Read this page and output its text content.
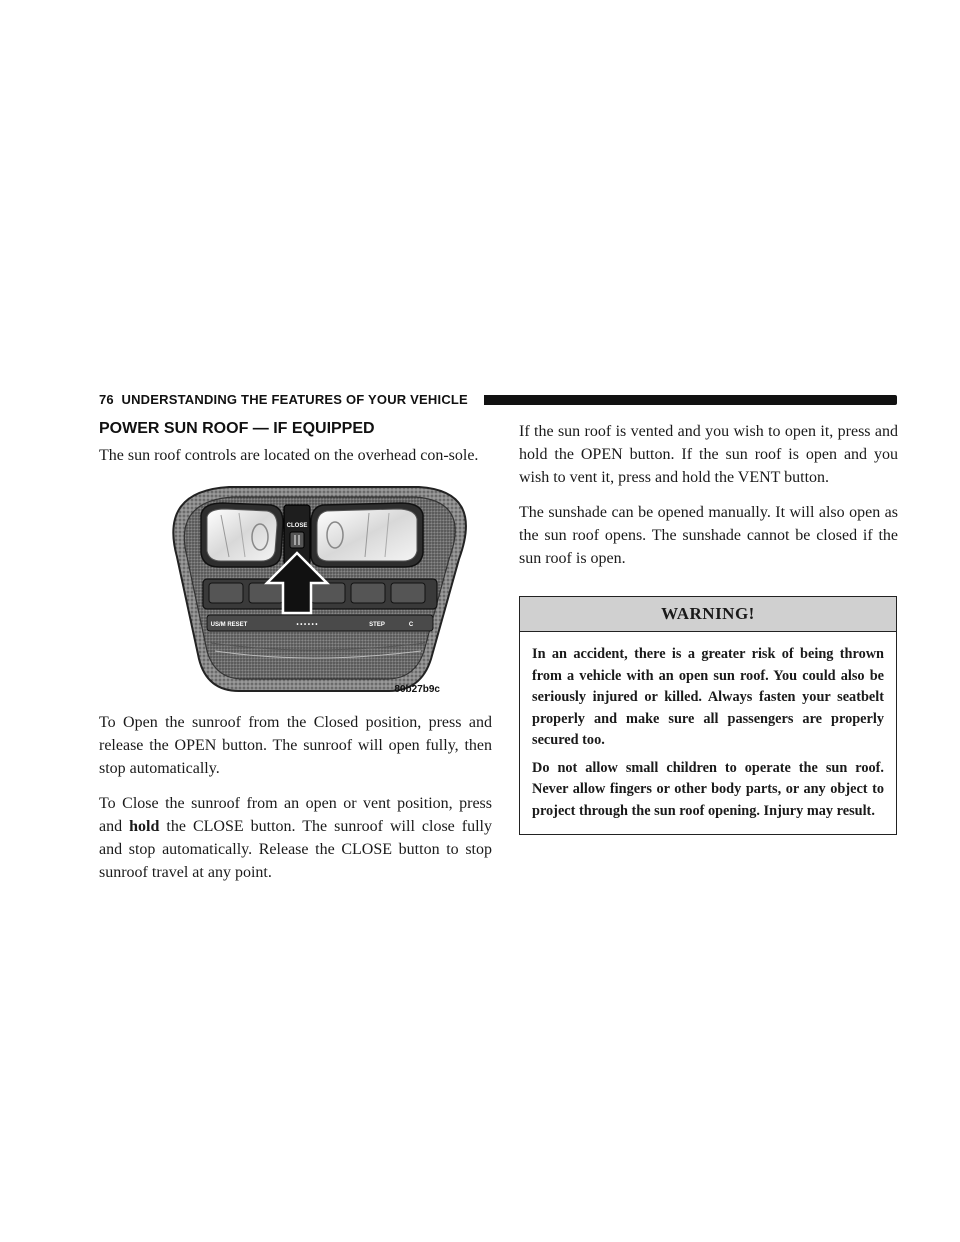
76 UNDERSTANDING THE FEATURES OF YOUR VEHICLE
POWER SUN ROOF — IF EQUIPPED

The sun roof controls are located on the overhead con-sole.

CLOSE
US/M RESET	• • • • • •	STEP	C
80b27b9c

To Open the sunroof from the Closed position, press and release the OPEN button. The sunroof will open fully, then stop automatically.

To Close the sunroof from an open or vent position, press and hold the CLOSE button. The sunroof will close fully and stop automatically. Release the CLOSE button to stop sunroof travel at any point.

If the sun roof is vented and you wish to open it, press and hold the OPEN button. If the sun roof is open and you wish to vent it, press and hold the VENT button.

The sunshade can be opened manually. It will also open as the sun roof opens. The sunshade cannot be closed if the sun roof is open.

WARNING!

In an accident, there is a greater risk of being thrown from a vehicle with an open sun roof. You could also be seriously injured or killed. Always fasten your seatbelt properly and make sure all passengers are properly secured too.

Do not allow small children to operate the sun roof. Never allow fingers or other body parts, or any object to project through the sun roof opening. Injury may result.
